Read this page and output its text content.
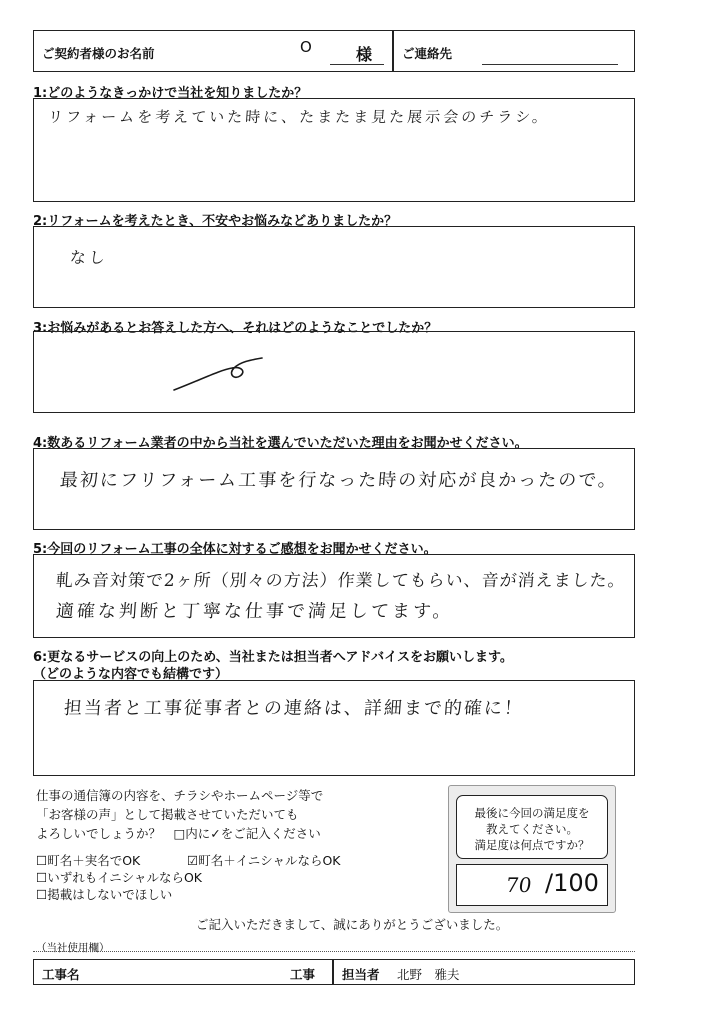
ご契約者様のお名前	O	様 ご連絡先
1:どのようなきっかけで当社を知りましたか？
リフォームを考えていた時に、たまたま見た展示会のチラシ。
2:リフォームを考えたとき、不安やお悩みなどありましたか？
なし
3:お悩みがあるとお答えした方へ、それはどのようなことでしたか？
4:数あるリフォーム業者の中から当社を選んでいただいた理由をお聞かせください。
最初にフリフォーム工事を行なった時の対応が良かったので。
5:今回のリフォーム工事の全体に対するご感想をお聞かせください。
軋み音対策で2ヶ所（別々の方法）作業してもらい、音が消えました。
適確な判断と丁寧な仕事で満足してます。
6:更なるサービスの向上のため、当社または担当者へアドバイスをお願いします。
（どのような内容でも結構です）
担当者と工事従事者との連絡は、詳細まで的確に！
仕事の通信簿の内容を、チラシやホームページ等で
「お客様の声」として掲載させていただいても
よろしいでしょうか？　□内に✓をご記入ください
☐町名＋実名でOK	☑町名＋イニシャルならOK
☐いずれもイニシャルならOK
☐掲載はしないでほしい
最後に今回の満足度を
教えてください。
満足度は何点ですか？
70 /100
ご記入いただきまして、誠にありがとうございました。
（当社使用欄）
工事名	工事 担当者 北野　雅夫
